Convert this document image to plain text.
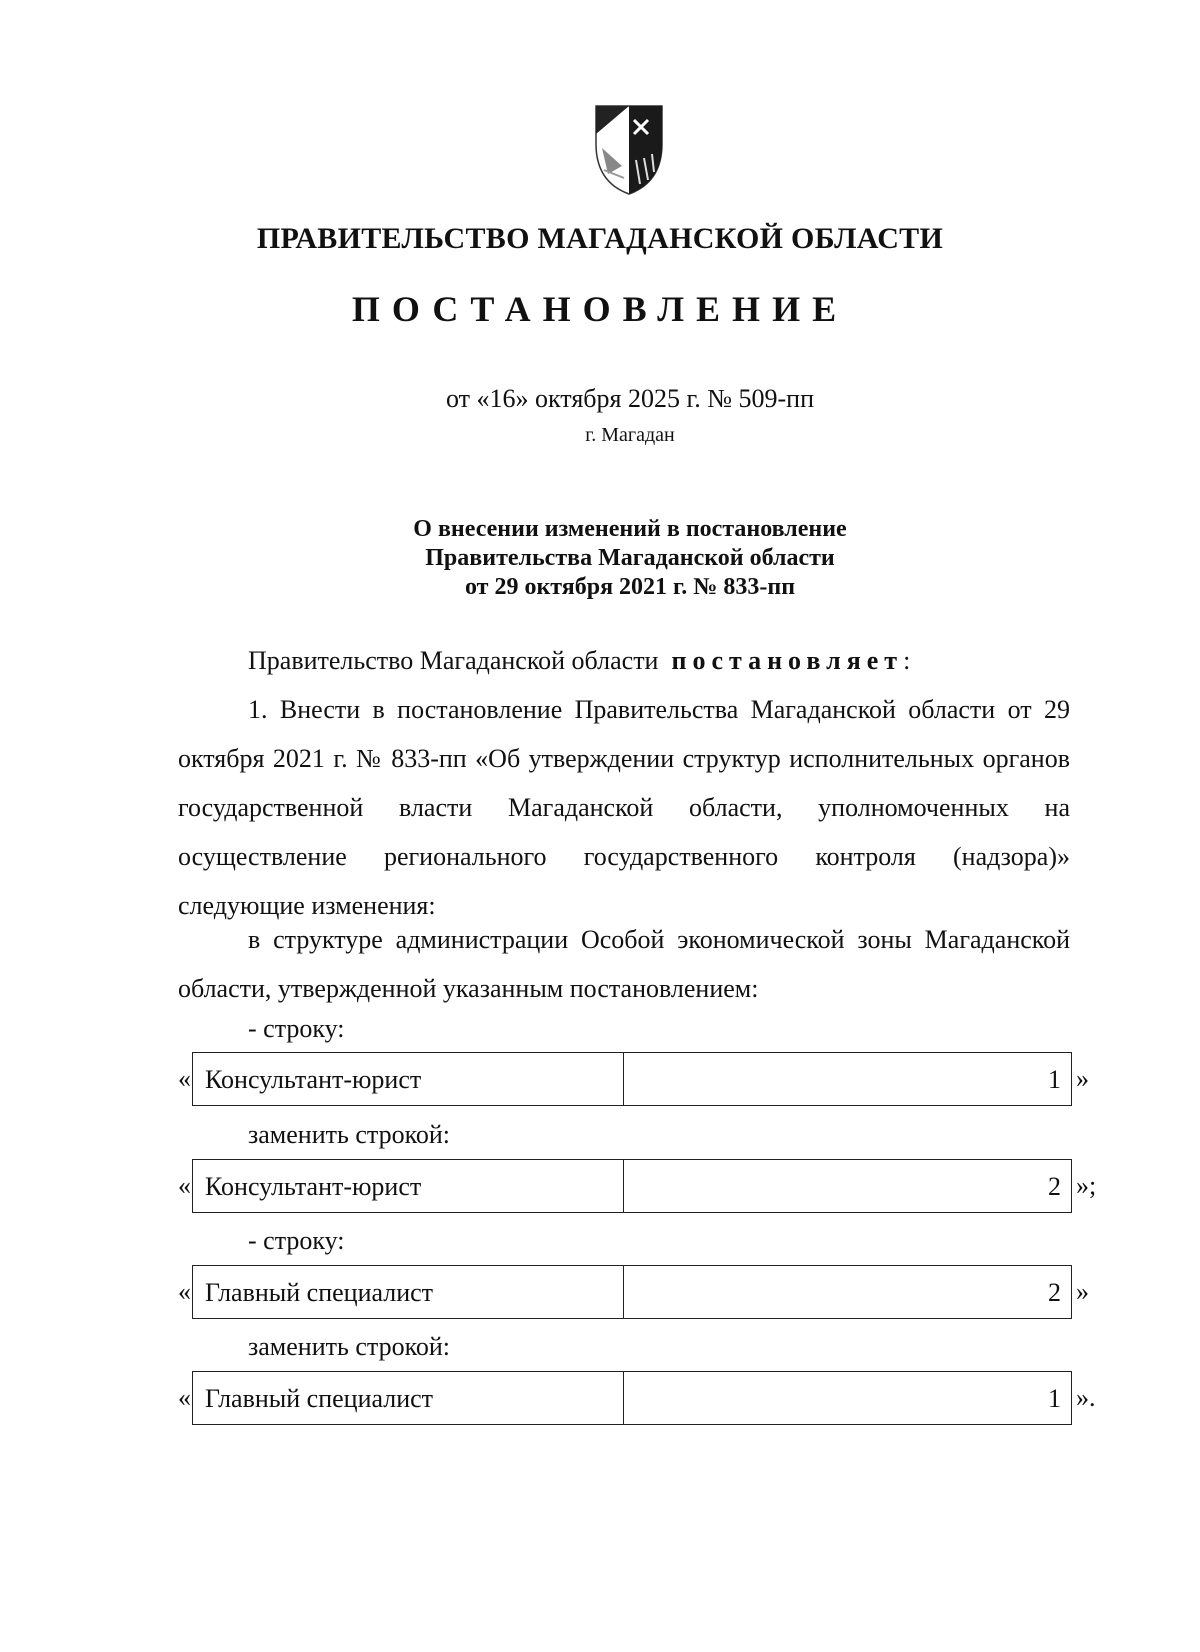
ПРАВИТЕЛЬСТВО МАГАДАНСКОЙ ОБЛАСТИ
ПОСТАНОВЛЕНИЕ
от «16» октября 2025 г. № 509-пп
г. Магадан
О внесении изменений в постановление
Правительства Магаданской области
от 29 октября 2021 г. № 833-пп
Правительство Магаданской области постановляет:
1. Внести в постановление Правительства Магаданской области от 29 октября 2021 г. № 833-пп «Об утверждении структур исполнительных органов государственной власти Магаданской области, уполномоченных на осуществление регионального государственного контроля (надзора)» следующие изменения:
в структуре администрации Особой экономической зоны Магаданской области, утвержденной указанным постановлением:
- строку:
« Консультант-юрист	1 »
заменить строкой:
« Консультант-юрист	2 »;
- строку:
« Главный специалист	2 »
заменить строкой:
« Главный специалист	1 ».
